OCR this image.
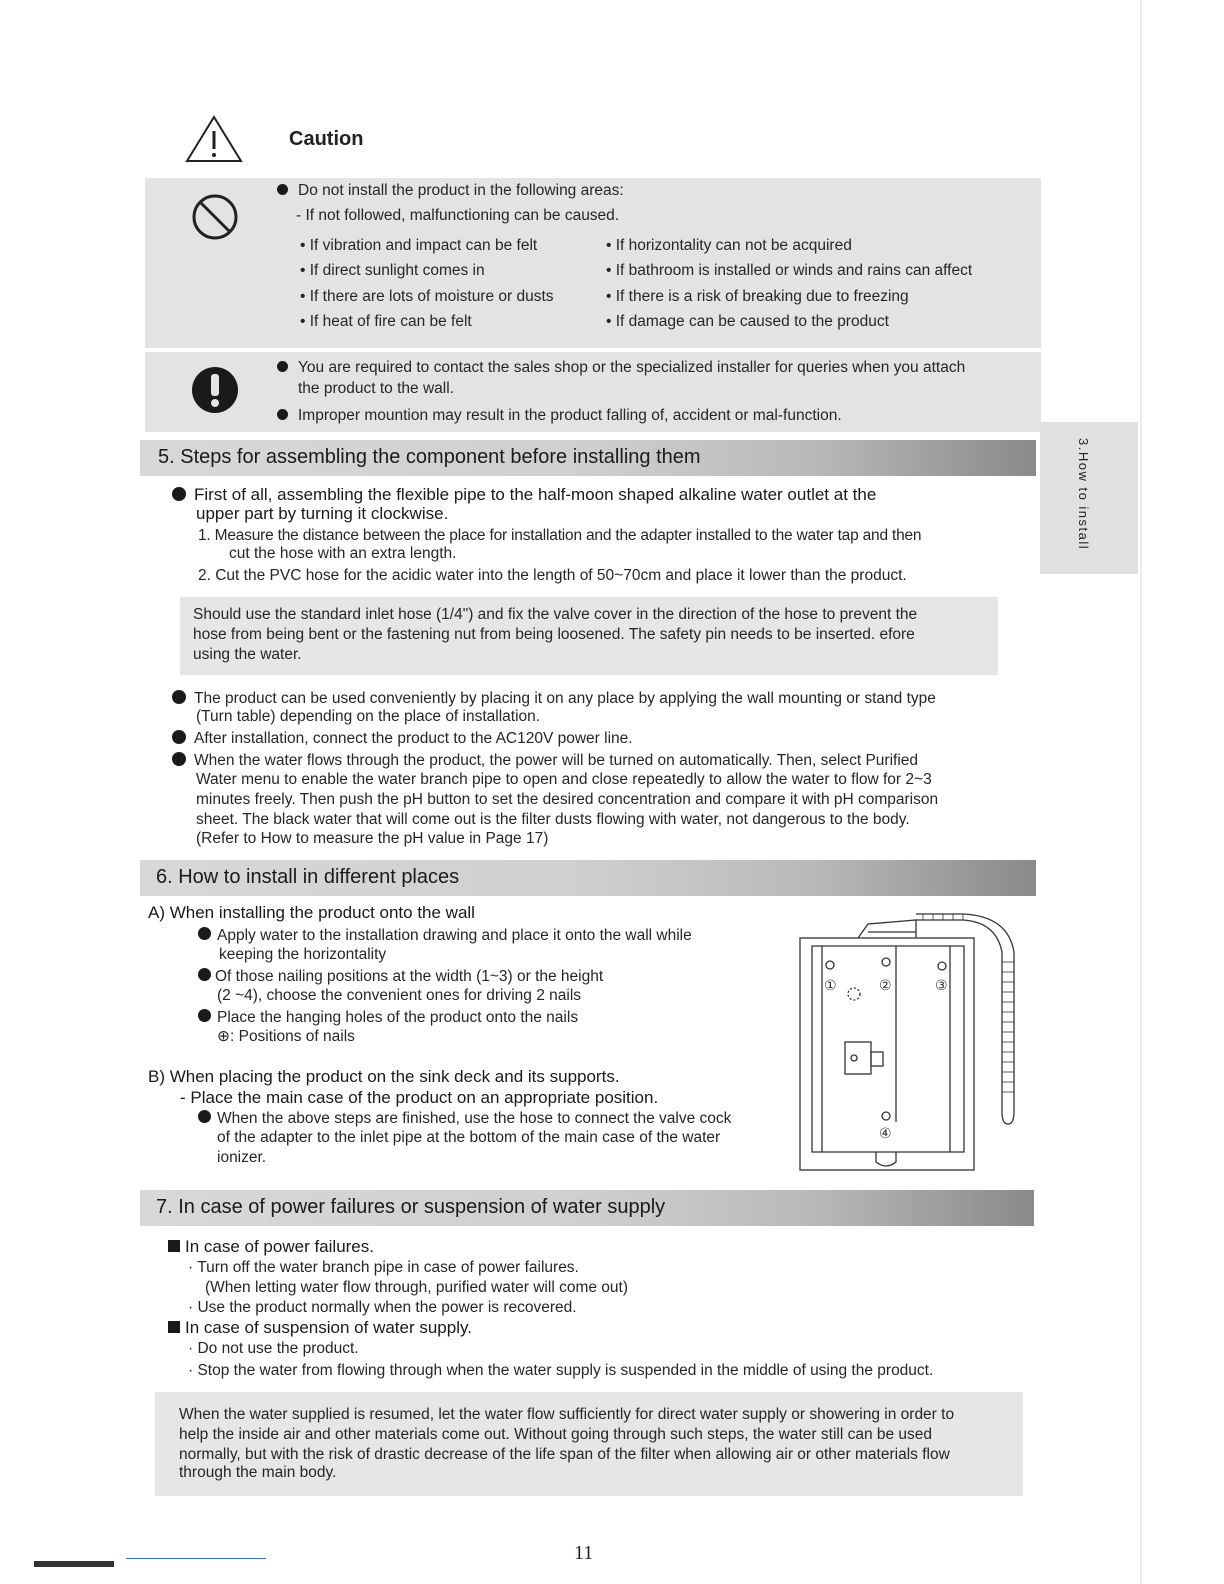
Caution
Do not install the product in the following areas:
- If not followed, malfunctioning can be caused.
• If vibration and impact can be felt
• If direct sunlight comes in
• If there are lots of moisture or dusts
• If heat of fire can be felt
• If horizontality can not be acquired
• If bathroom is installed or winds and rains can affect
• If there is a risk of breaking due to freezing
• If damage can be caused to the product
You are required to contact the sales shop or the specialized installer for queries when you attach
the product to the wall.
Improper mountion may result in the product falling of, accident or mal-function.
3.How to install
5. Steps for assembling the component before installing them
First of all, assembling the flexible pipe to the half-moon shaped alkaline water outlet at the
upper part by turning it clockwise.
1. Measure the distance between the place for installation and the adapter installed to the water tap and then
cut the hose with an extra length.
2. Cut the PVC hose for the acidic water into the length of 50~70cm and place it lower than the product.
Should use the standard inlet hose (1/4") and fix the valve cover in the direction of the hose to prevent the
hose from being bent or the fastening nut from being loosened. The safety pin needs to be inserted. efore
using the water.
The product can be used conveniently by placing it on any place by applying the wall mounting or stand type
(Turn table) depending on the place of installation.
After installation, connect the product to the AC120V power line.
When the water flows through the product, the power will be turned on automatically. Then, select Purified
Water menu to enable the water branch pipe to open and close repeatedly to allow the water to flow for 2~3
minutes freely. Then push the pH button to set the desired concentration and compare it with pH comparison
sheet. The black water that will come out is the filter dusts flowing with water, not dangerous to the body.
(Refer to How to measure the pH value in Page 17)
6. How to install in different places
A) When installing the product onto the wall
Apply water to the installation drawing and place it onto the wall while
keeping the horizontality
Of those nailing positions at the width (1~3) or the height
(2 ~4), choose the convenient ones for driving 2 nails
Place the hanging holes of the product onto the nails
⊕: Positions of nails
B) When placing the product on the sink deck and its supports.
- Place the main case of the product on an appropriate position.
When the above steps are finished, use the hose to connect the valve cock
of the adapter to the inlet pipe at the bottom of the main case of the water
ionizer.
①	②	③
④
7. In case of power failures or suspension of water supply
In case of power failures.
· Turn off the water branch pipe in case of power failures.
(When letting water flow through, purified water will come out)
· Use the product normally when the power is recovered.
In case of suspension of water supply.
· Do not use the product.
· Stop the water from flowing through when the water supply is suspended in the middle of using the product.
When the water supplied is resumed, let the water flow sufficiently for direct water supply or showering in order to
help the inside air and other materials come out. Without going through such steps, the water still can be used
normally, but with the risk of drastic decrease of the life span of the filter when allowing air or other materials flow
through the main body.
11
